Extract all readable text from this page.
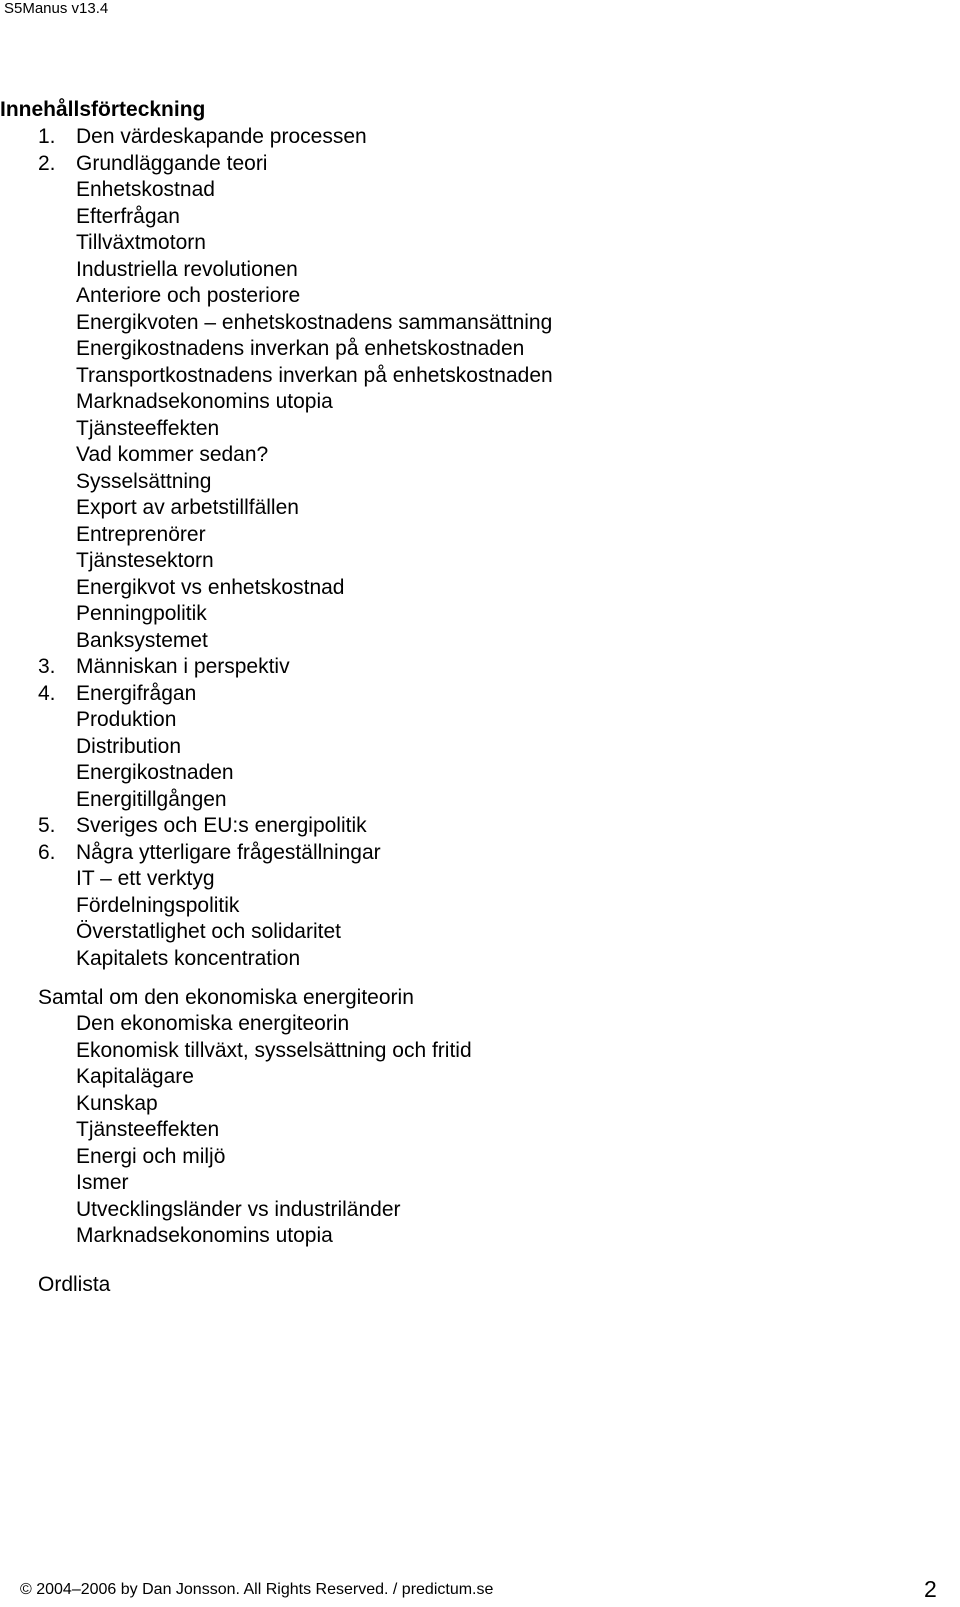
S5Manus v13.4
Innehållsförteckning
1. Den värdeskapande processen
2. Grundläggande teori
Enhetskostnad
Efterfrågan
Tillväxtmotorn
Industriella revolutionen
Anteriore och posteriore
Energikvoten – enhetskostnadens sammansättning
Energikostnadens inverkan på enhetskostnaden
Transportkostnadens inverkan på enhetskostnaden
Marknadsekonomins utopia
Tjänsteeffekten
Vad kommer sedan?
Sysselsättning
Export av arbetstillfällen
Entreprenörer
Tjänstesektorn
Energikvot vs enhetskostnad
Penningpolitik
Banksystemet
3. Människan i perspektiv
4. Energifrågan
Produktion
Distribution
Energikostnaden
Energitillgången
5. Sveriges och EU:s energipolitik
6. Några ytterligare frågeställningar
IT – ett verktyg
Fördelningspolitik
Överstatlighet och solidaritet
Kapitalets koncentration
Samtal om den ekonomiska energiteorin
Den ekonomiska energiteorin
Ekonomisk tillväxt, sysselsättning och fritid
Kapitalägare
Kunskap
Tjänsteeffekten
Energi och miljö
Ismer
Utvecklingsländer vs industriländer
Marknadsekonomins utopia
Ordlista
© 2004–2006 by Dan Jonsson. All Rights Reserved. / predictum.se	2
